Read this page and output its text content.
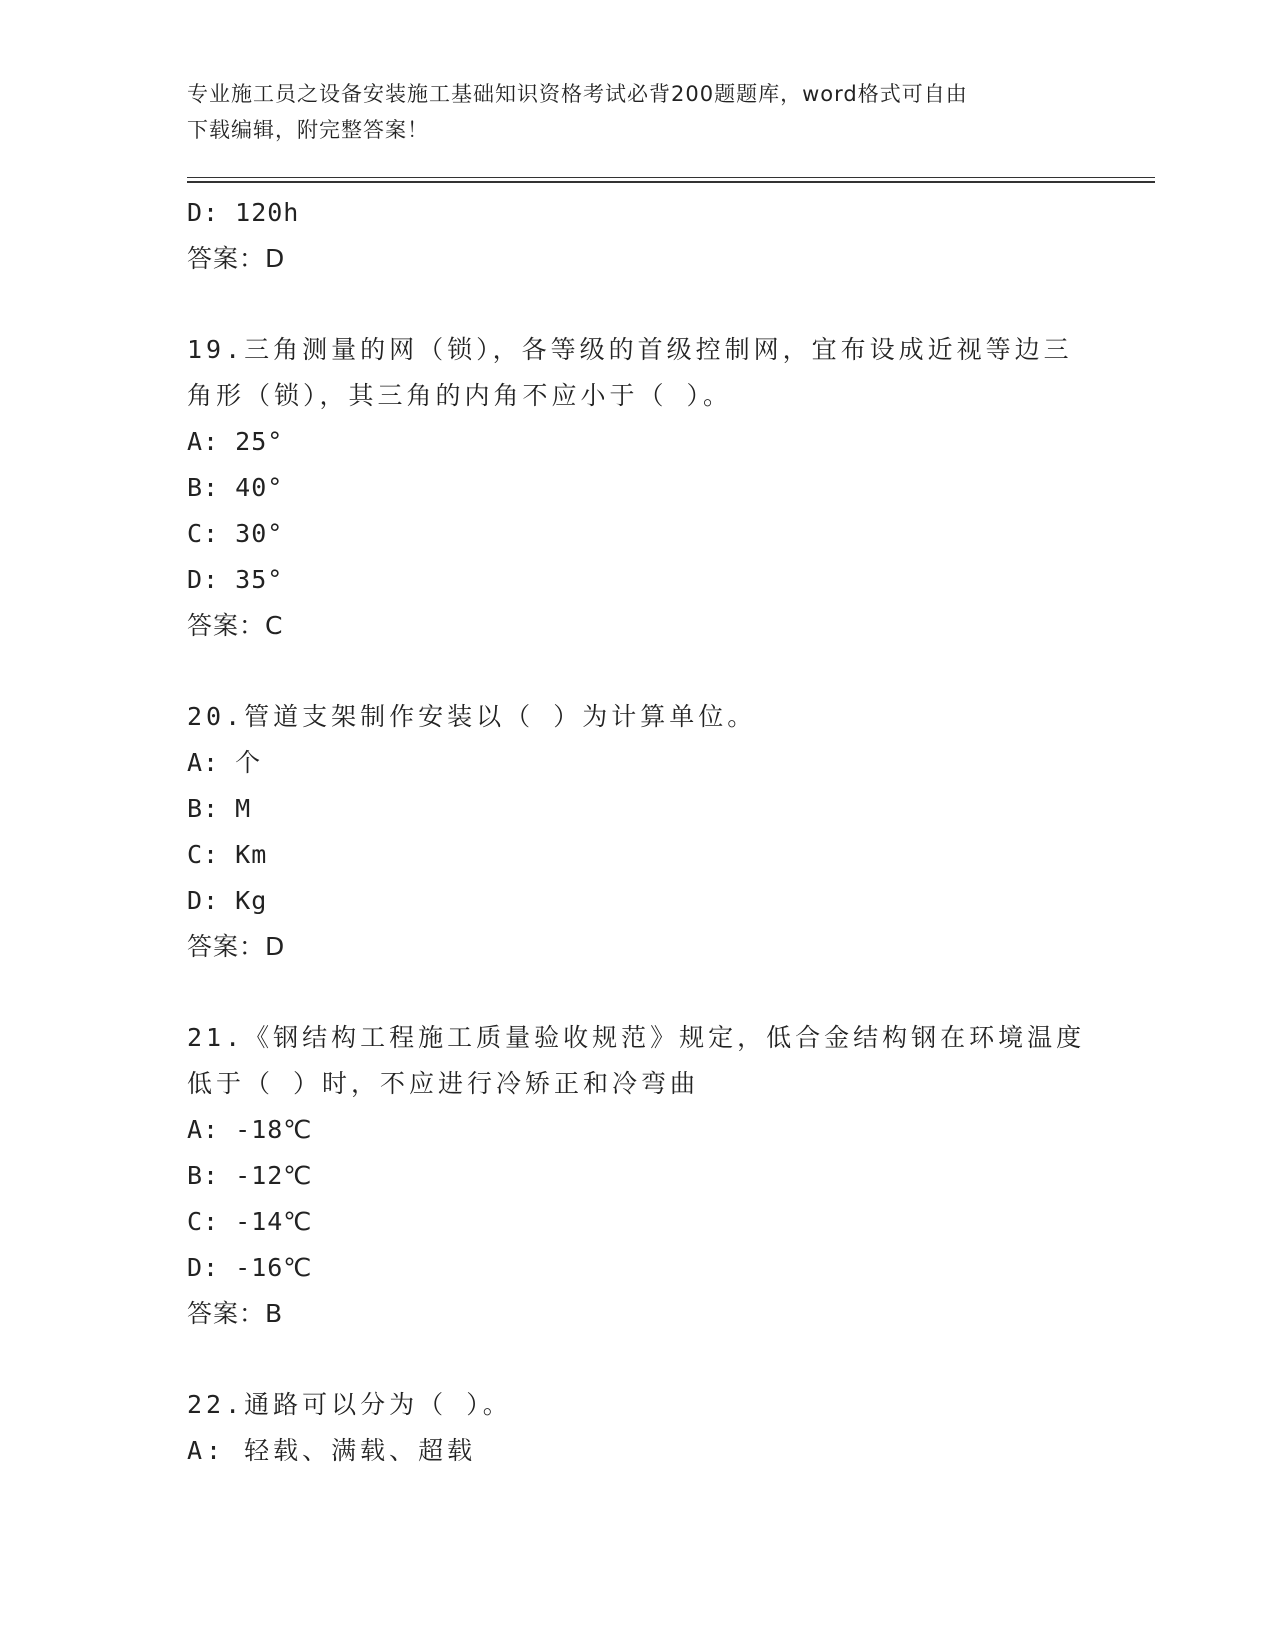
专业施工员之设备安装施工基础知识资格考试必背200题题库，word格式可自由
下载编辑，附完整答案！
D: 120h
答案：D
19.三角测量的网（锁），各等级的首级控制网，宜布设成近视等边三
角形（锁），其三角的内角不应小于（ ）。
A: 25°
B: 40°
C: 30°
D: 35°
答案：C
20.管道支架制作安装以（ ）为计算单位。
A: 个
B: M
C: Km
D: Kg
答案：D
21.《钢结构工程施工质量验收规范》规定，低合金结构钢在环境温度
低于（ ）时，不应进行冷矫正和冷弯曲
A: -18℃
B: -12℃
C: -14℃
D: -16℃
答案：B
22.通路可以分为（ ）。
A: 轻载、满载、超载
